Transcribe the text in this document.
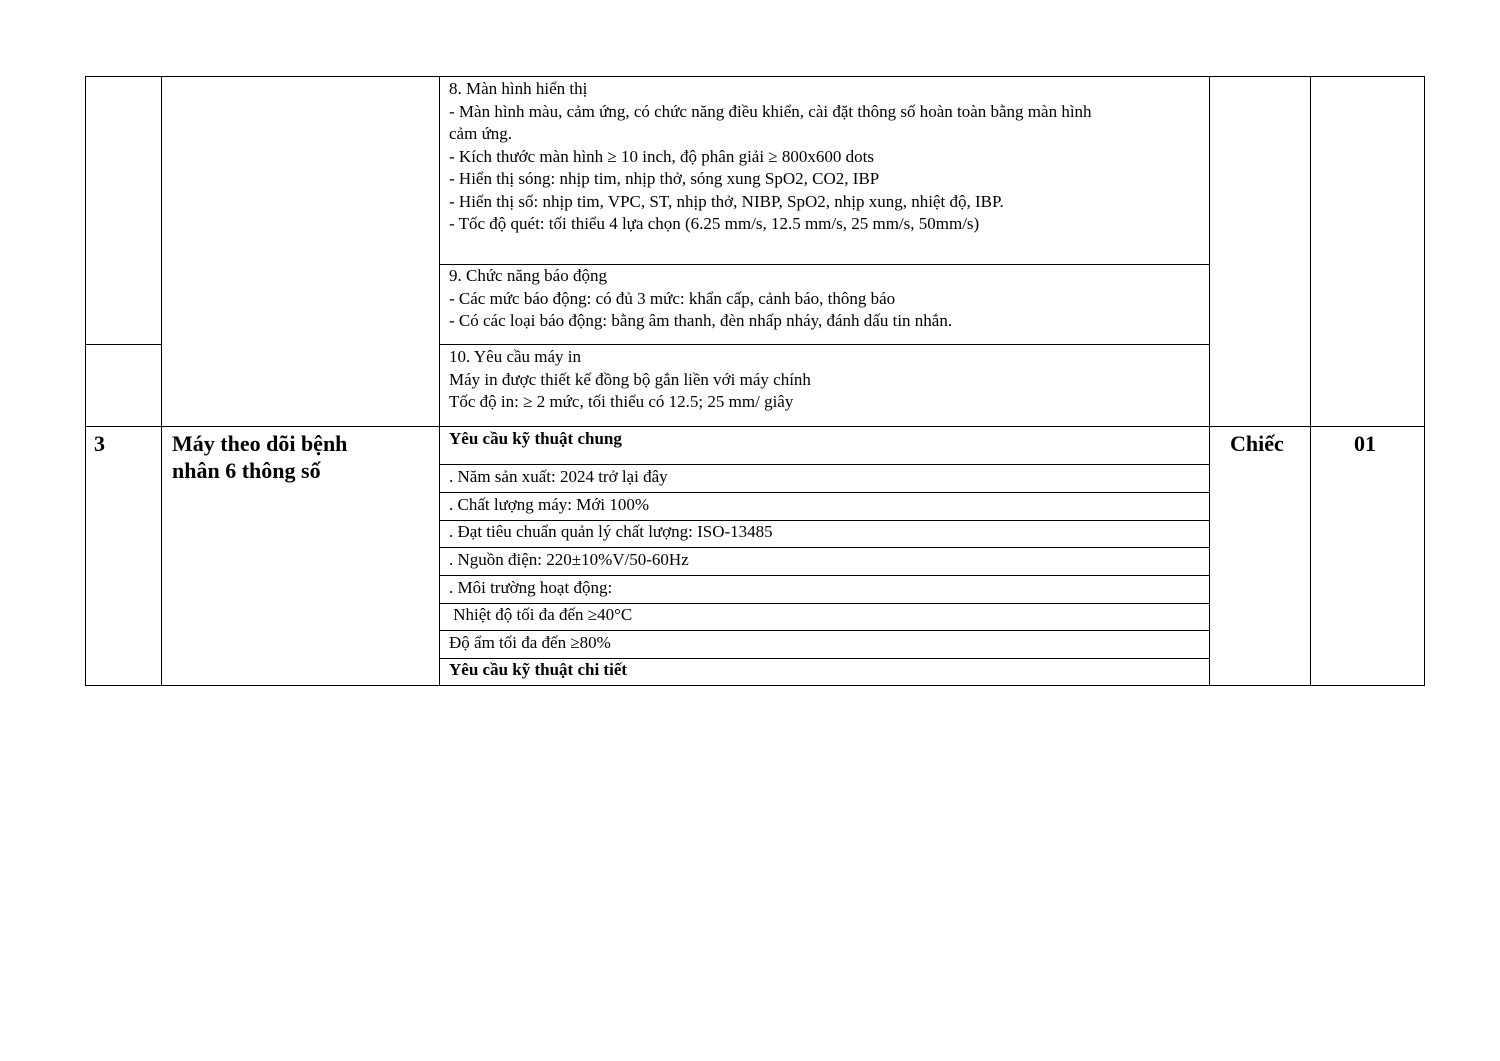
8. Màn hình hiển thị
- Màn hình màu, cảm ứng, có chức năng điều khiển, cài đặt thông số hoàn toàn bằng màn hình
cảm ứng.
- Kích thước màn hình ≥ 10 inch, độ phân giải ≥ 800x600 dots
- Hiển thị sóng: nhịp tim, nhịp thở, sóng xung SpO2, CO2, IBP
- Hiển thị số: nhịp tim, VPC, ST, nhịp thở, NIBP, SpO2, nhịp xung, nhiệt độ, IBP.
- Tốc độ quét: tối thiểu 4 lựa chọn (6.25 mm/s, 12.5 mm/s, 25 mm/s, 50mm/s)
9. Chức năng báo động
- Các mức báo động: có đủ 3 mức: khẩn cấp, cảnh báo, thông báo
- Có các loại báo động: bằng âm thanh, đèn nhấp nháy, đánh dấu tin nhắn.
10. Yêu cầu máy in
Máy in được thiết kế đồng bộ gắn liền với máy chính
Tốc độ in: ≥ 2 mức, tối thiểu có 12.5; 25 mm/ giây
3	Máy theo dõi bệnh
nhân 6 thông số
Chiếc	01
Yêu cầu kỹ thuật chung
. Năm sản xuất: 2024 trở lại đây
. Chất lượng máy: Mới 100%
. Đạt tiêu chuẩn quản lý chất lượng: ISO-13485
. Nguồn điện: 220±10%V/50-60Hz
. Môi trường hoạt động:
Nhiệt độ tối đa đến ≥40°C
Độ ẩm tối đa đến ≥80%
Yêu cầu kỹ thuật chi tiết
